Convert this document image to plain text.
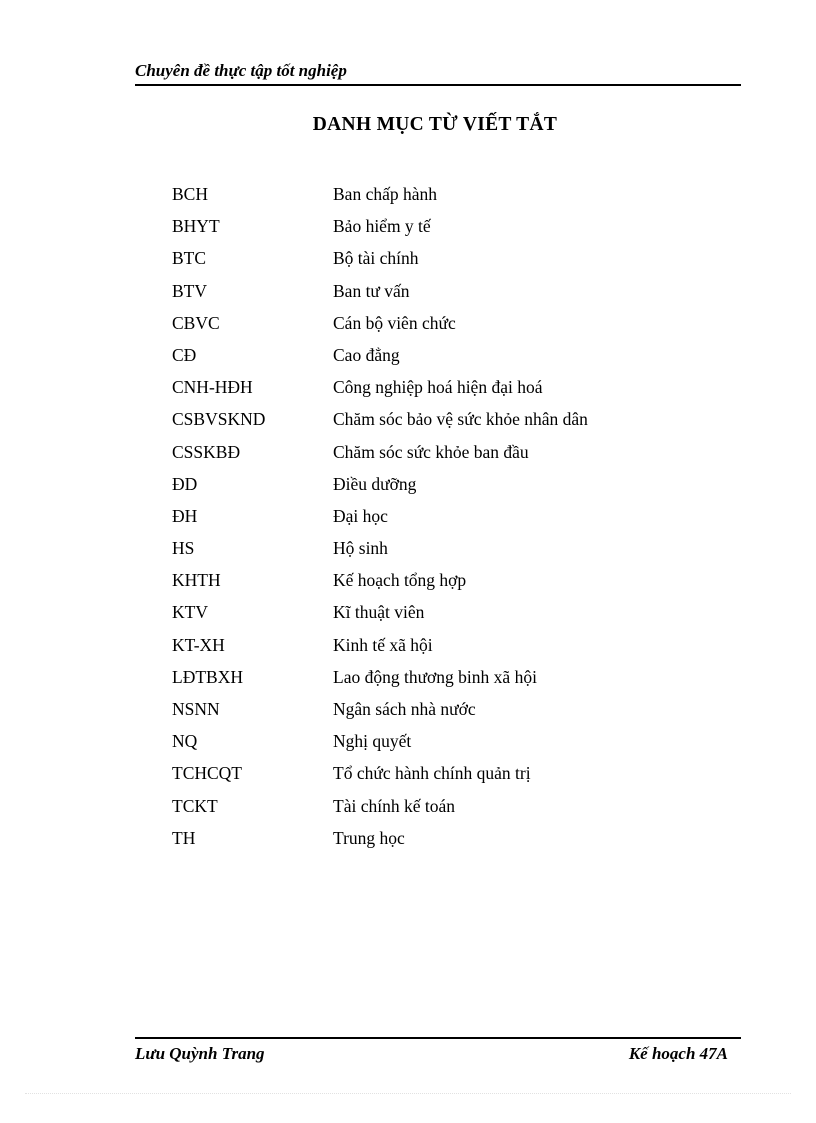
Chuyên đề thực tập tốt nghiệp
DANH MỤC TỪ VIẾT TẮT
BCH	Ban chấp hành
BHYT	Bảo hiểm y tế
BTC	Bộ tài chính
BTV	Ban tư vấn
CBVC	Cán bộ viên chức
CĐ	Cao đẳng
CNH-HĐH	Công nghiệp hoá hiện đại hoá
CSBVSKND	Chăm sóc bảo vệ sức khỏe nhân dân
CSSKBĐ	Chăm sóc sức khỏe ban đầu
ĐD	Điều dưỡng
ĐH	Đại học
HS	Hộ sinh
KHTH	Kế hoạch tổng hợp
KTV	Kĩ thuật viên
KT-XH	Kinh tế xã hội
LĐTBXH	Lao động thương binh xã hội
NSNN	Ngân sách nhà nước
NQ	Nghị quyết
TCHCQT	Tổ chức hành chính quản trị
TCKT	Tài chính kế toán
TH	Trung học
Lưu Quỳnh Trang	Kế hoạch 47A
